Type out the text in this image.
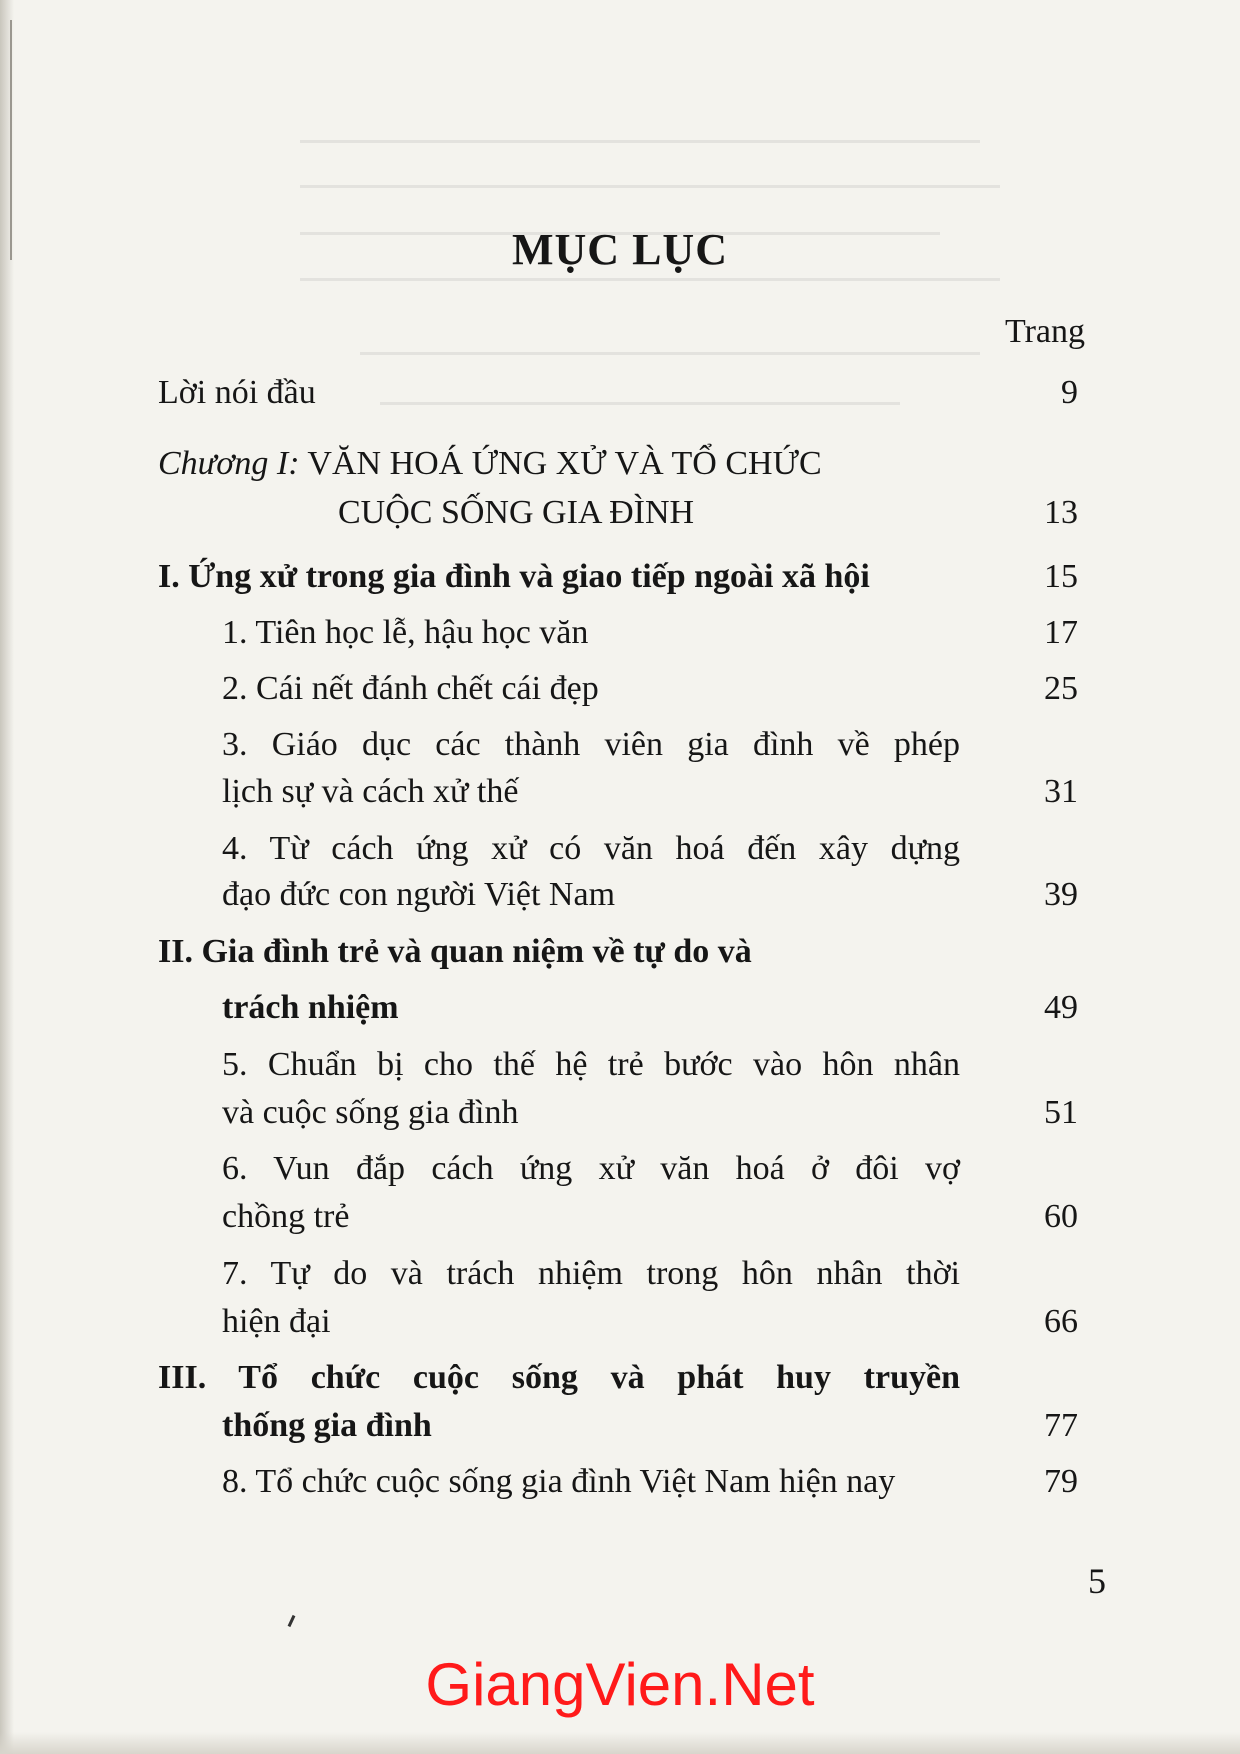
MỤC LỤC
Trang
Lời nói đầu	9
Chương I: VĂN HOÁ ỨNG XỬ VÀ TỔ CHỨC
CUỘC SỐNG GIA ĐÌNH	13
I. Ứng xử trong gia đình và giao tiếp ngoài xã hội	15
1. Tiên học lễ, hậu học văn	17
2. Cái nết đánh chết cái đẹp	25
3. Giáo dục các thành viên gia đình về phép
lịch sự và cách xử thế	31
4. Từ cách ứng xử có văn hoá đến xây dựng
đạo đức con người Việt Nam	39
II. Gia đình trẻ và quan niệm về tự do và
trách nhiệm	49
5. Chuẩn bị cho thế hệ trẻ bước vào hôn nhân
và cuộc sống gia đình	51
6. Vun đắp cách ứng xử văn hoá ở đôi vợ
chồng trẻ	60
7. Tự do và trách nhiệm trong hôn nhân thời
hiện đại	66
III. Tổ chức cuộc sống và phát huy truyền
thống gia đình	77
8. Tổ chức cuộc sống gia đình Việt Nam hiện nay	79
5
GiangVien.Net
